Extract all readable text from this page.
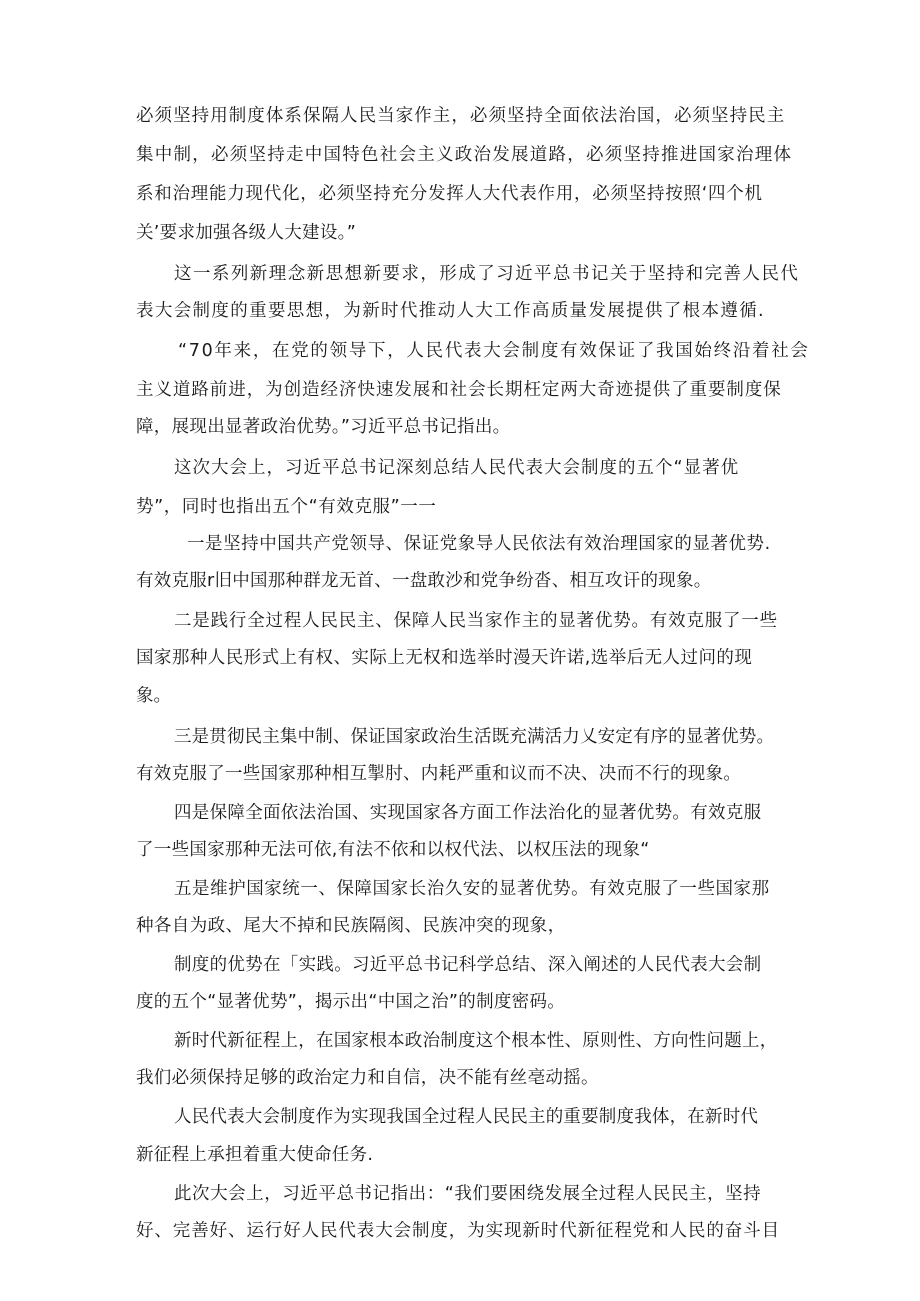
必须坚持用制度体系保隔人民当家作主，必须坚持全面依法治国，必须坚持民主
集中制，必须坚持走中国特色社会主义政治发展道路，必须坚持推进国家治理体
系和治理能力现代化，必须坚持充分发挥人大代表作用，必须坚持按照‘四个机
关’要求加强各级人大建设。”
这一系列新理念新思想新要求，形成了习近平总书记关于坚持和完善人民代
表大会制度的重要思想，为新时代推动人大工作高质量发展提供了根本遵循.
“70年来，在党的领导下，人民代表大会制度有效保证了我国始终沿着社会
主义道路前进，为创造经济快速发展和社会长期枉定两大奇迹提供了重要制度保
障，展现出显著政治优势。”习近平总书记指出。
这次大会上，习近平总书记深刻总结人民代表大会制度的五个“显著优
势”，同时也指出五个“有效克服”一一
一是坚持中国共产党领导、保证党象导人民依法有效治理国家的显著优势.
有效克服r旧中国那种群龙无首、一盘敢沙和党争纷沓、相互攻讦的现象。
二是践行全过程人民民主、保障人民当家作主的显著优势。有效克服了一些
国家那种人民形式上有权、实际上无权和选举时漫天许诺,选举后无人过问的现
象。
三是贯彻民主集中制、保证国家政治生活既充满活力乂安定有序的显著优势。
有效克服了一些国家那种相互掣肘、内耗严重和议而不决、决而不行的现象。
四是保障全面依法治国、实现国家各方面工作法治化的显著优势。有效克服
了一些国家那种无法可依,有法不依和以权代法、以权压法的现象“
五是维护国家统一、保障国家长治久安的显著优势。有效克服了一些国家那
种各自为政、尾大不掉和民族隔阂、民族冲突的现象，
制度的优势在「实践。习近平总书记科学总结、深入阐述的人民代表大会制
度的五个“显著优势”，揭示出“中国之治”的制度密码。
新时代新征程上，在国家根本政治制度这个根本性、原则性、方向性问题上，
我们必须保持足够的政治定力和自信，决不能有丝亳动摇。
人民代表大会制度作为实现我国全过程人民民主的重要制度我体，在新时代
新征程上承担着重大使命任务.
此次大会上，习近平总书记指出：“我们要困绕发展全过程人民民主，坚持
好、完善好、运行好人民代表大会制度，为实现新时代新征程党和人民的奋斗目
